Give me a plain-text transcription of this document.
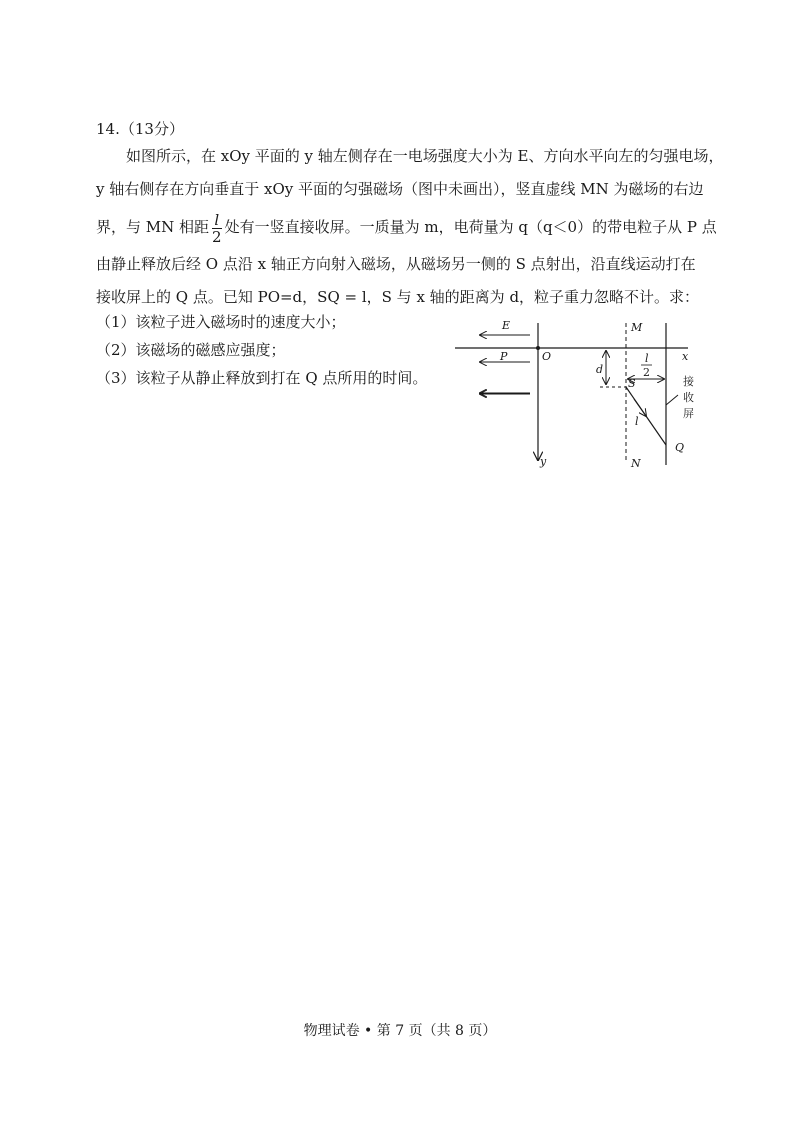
14.（13分）

如图所示，在 xOy 平面的 y 轴左侧存在一电场强度大小为 E、方向水平向左的匀强电场，

y 轴右侧存在方向垂直于 xOy 平面的匀强磁场（图中未画出），竖直虚线 MN 为磁场的右边

界，与 MN 相距 $\frac{l}{2}$ 处有一竖直接收屏。一质量为 m，电荷量为 q（q＜0）的带电粒子从 P 点

由静止释放后经 O 点沿 x 轴正方向射入磁场，从磁场另一侧的 S 点射出，沿直线运动打在

接收屏上的 Q 点。已知 PO=d，SQ = l，S 与 x 轴的距离为 d，粒子重力忽略不计。求：

（1）该粒子进入磁场时的速度大小；

（2）该磁场的磁感应强度；

（3）该粒子从静止释放到打在 Q 点所用的时间。

E
P	O	x
y
M
N
d
S
l
2
l
Q
接
收
屏
物理试卷 • 第 7 页（共 8 页）
